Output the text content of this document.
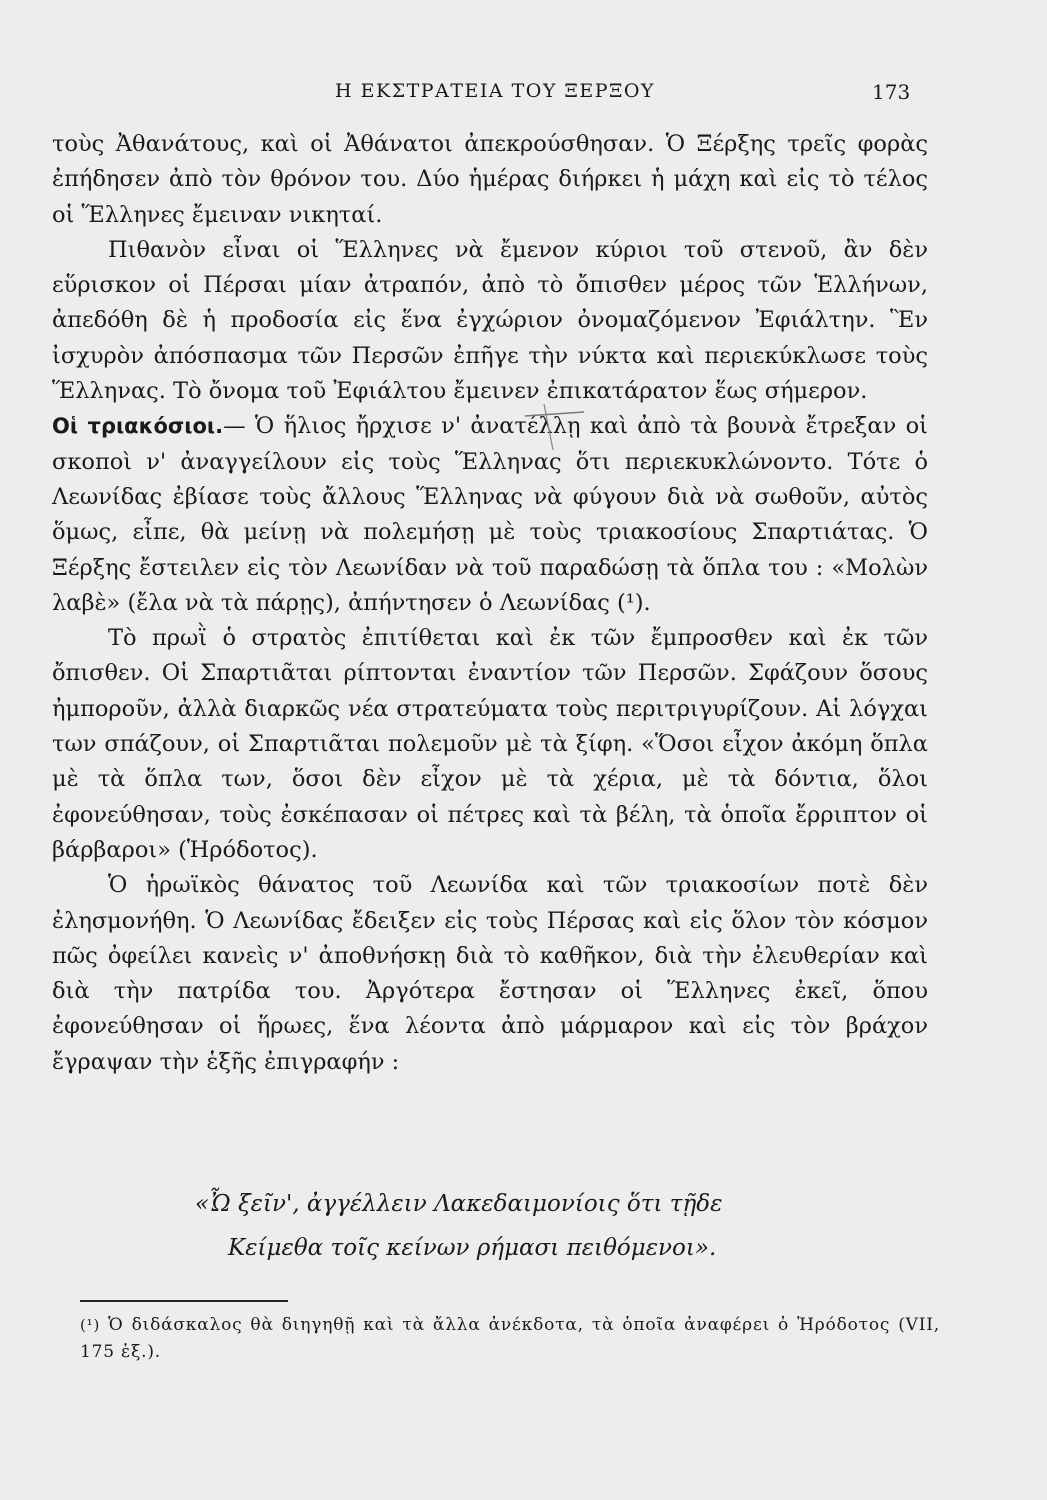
Η ΕΚΣΤΡΑΤΕΙΑ ΤΟΥ ΞΕΡΞΟΥ	173

τοὺς Ἀθανάτους, καὶ οἱ Ἀθάνατοι ἀπεκρούσθησαν. Ὁ Ξέρξης τρεῖς φορὰς ἐπήδησεν ἀπὸ τὸν θρόνον του. Δύο ἡμέρας διήρκει ἡ μάχη καὶ εἰς τὸ τέλος οἱ Ἕλληνες ἔμειναν νικηταί.

Πιθανὸν εἶναι οἱ Ἕλληνες νὰ ἔμενον κύριοι τοῦ στενοῦ, ἂν δὲν εὕρισκον οἱ Πέρσαι μίαν ἀτραπόν, ἀπὸ τὸ ὄπισθεν μέρος τῶν Ἑλλήνων, ἀπεδόθη δὲ ἡ προδοσία εἰς ἕνα ἐγχώριον ὀνομαζόμενον Ἐφιάλτην. Ἓν ἰσχυρὸν ἀπόσπασμα τῶν Περσῶν ἐπῆγε τὴν νύκτα καὶ περιεκύκλωσε τοὺς Ἕλληνας. Τὸ ὄνομα τοῦ Ἐφιάλτου ἔμεινεν ἐπικατάρατον ἕως σήμερον.

Οἱ τριακόσιοι.— Ὁ ἥλιος ἤρχισε ν' ἀνατέλλῃ καὶ ἀπὸ τὰ βουνὰ ἔτρεξαν οἱ σκοποὶ ν' ἀναγγείλουν εἰς τοὺς Ἕλληνας ὅτι περιεκυκλώνοντο. Τότε ὁ Λεωνίδας ἐβίασε τοὺς ἄλλους Ἕλληνας νὰ φύγουν διὰ νὰ σωθοῦν, αὐτὸς ὅμως, εἶπε, θὰ μείνῃ νὰ πολεμήσῃ μὲ τοὺς τριακοσίους Σπαρτιάτας. Ὁ Ξέρξης ἔστειλεν εἰς τὸν Λεωνίδαν νὰ τοῦ παραδώσῃ τὰ ὅπλα του : «Μολὼν λαβὲ» (ἔλα νὰ τὰ πάρῃς), ἀπήντησεν ὁ Λεωνίδας (¹).

Τὸ πρωῒ ὁ στρατὸς ἐπιτίθεται καὶ ἐκ τῶν ἔμπροσθεν καὶ ἐκ τῶν ὄπισθεν. Οἱ Σπαρτιᾶται ρίπτονται ἐναντίον τῶν Περσῶν. Σφάζουν ὅσους ἠμποροῦν, ἀλλὰ διαρκῶς νέα στρατεύματα τοὺς περιτριγυρίζουν. Αἱ λόγχαι των σπάζουν, οἱ Σπαρτιᾶται πολεμοῦν μὲ τὰ ξίφη. «Ὅσοι εἶχον ἀκόμη ὅπλα μὲ τὰ ὅπλα των, ὅσοι δὲν εἶχον μὲ τὰ χέρια, μὲ τὰ δόντια, ὅλοι ἐφονεύθησαν, τοὺς ἐσκέπασαν οἱ πέτρες καὶ τὰ βέλη, τὰ ὁποῖα ἔρριπτον οἱ βάρβαροι» (Ἡρόδοτος).

Ὁ ἡρωϊκὸς θάνατος τοῦ Λεωνίδα καὶ τῶν τριακοσίων ποτὲ δὲν ἐλησμονήθη. Ὁ Λεωνίδας ἔδειξεν εἰς τοὺς Πέρσας καὶ εἰς ὅλον τὸν κόσμον πῶς ὀφείλει κανεὶς ν' ἀποθνήσκῃ διὰ τὸ καθῆκον, διὰ τὴν ἐλευθερίαν καὶ διὰ τὴν πατρίδα του. Ἀργότερα ἔστησαν οἱ Ἕλληνες ἐκεῖ, ὅπου ἐφονεύθησαν οἱ ἥρωες, ἕνα λέοντα ἀπὸ μάρμαρον καὶ εἰς τὸν βράχον ἔγραψαν τὴν ἑξῆς ἐπιγραφήν :

«Ὦ ξεῖν', ἀγγέλλειν Λακεδαιμονίοις ὅτι τῇδε
Κείμεθα τοῖς κείνων ρήμασι πειθόμενοι».
(¹) Ὁ διδάσκαλος θὰ διηγηθῇ καὶ τὰ ἄλλα ἀνέκδοτα, τὰ ὁποῖα ἀναφέρει ὁ Ἡρόδοτος (VII, 175 ἑξ.).
